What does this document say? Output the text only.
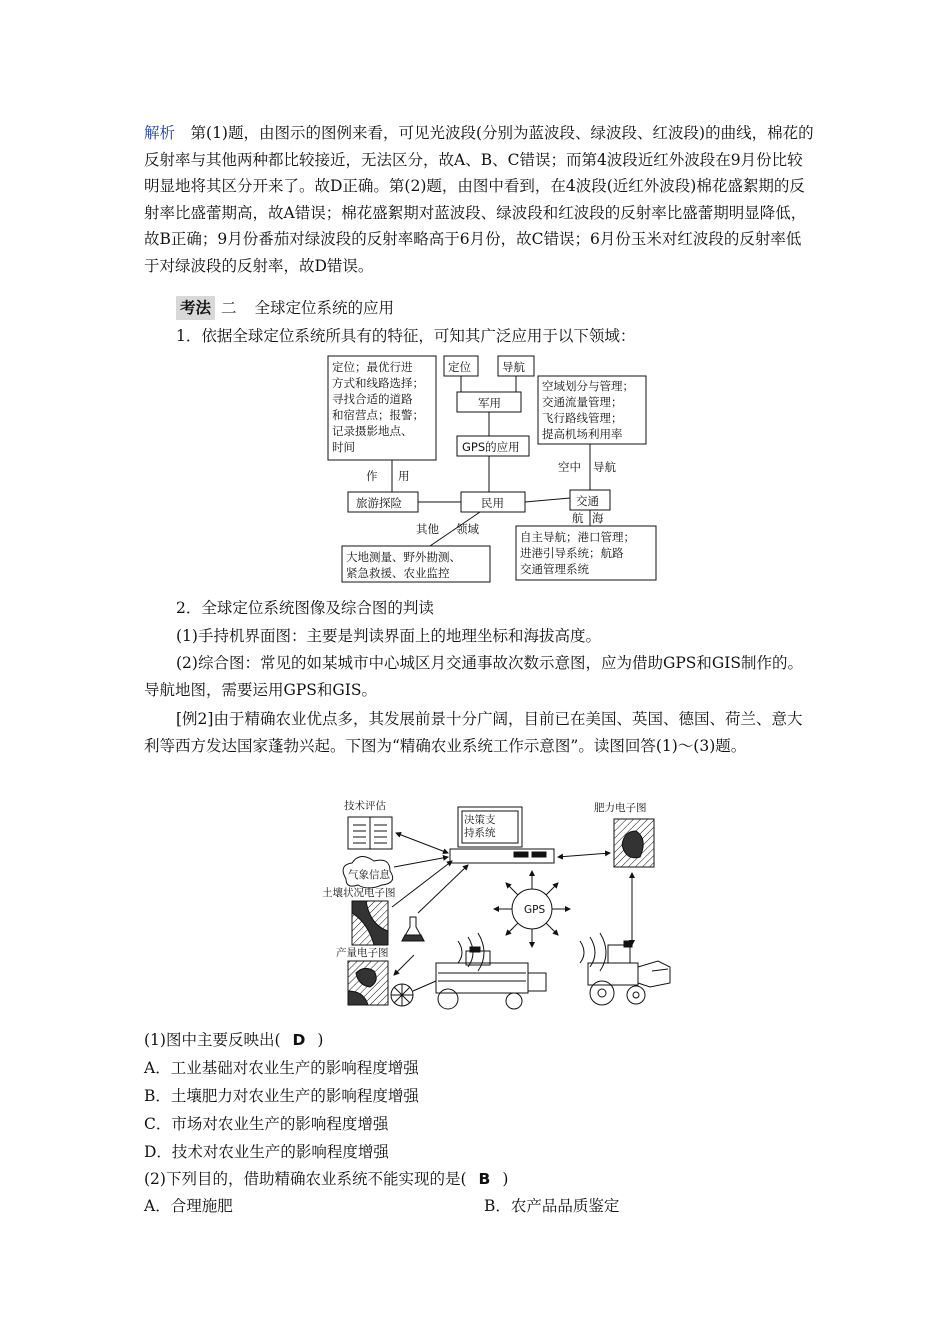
解析　第(1)题，由图示的图例来看，可见光波段(分别为蓝波段、绿波段、红波段)的曲线，棉花的反射率与其他两种都比较接近，无法区分，故A、B、C错误；而第4波段近红外波段在9月份比较明显地将其区分开来了。故D正确。第(2)题，由图中看到，在4波段(近红外波段)棉花盛絮期的反射率比盛蕾期高，故A错误；棉花盛絮期对蓝波段、绿波段和红波段的反射率比盛蕾期明显降低，故B正确；9月份番茄对绿波段的反射率略高于6月份，故C错误；6月份玉米对红波段的反射率低于对绿波段的反射率，故D错误。

考法 二 全球定位系统的应用
1．依据全球定位系统所具有的特征，可知其广泛应用于以下领域：
定位；最优行进
方式和线路选择；
寻找合适的道路
和宿营点；报警；
记录摄影地点、
时间
定位	导航
军用
空域划分与管理；
交通流量管理；
飞行路线管理；
提高机场利用率
GPS的应用
作 用
空中 导航
旅游探险	民用	交通
航 海
其他 领域
自主导航；港口管理；
进港引导系统；航路
交通管理系统
大地测量、野外勘测、
紧急救援、农业监控
2．全球定位系统图像及综合图的判读
(1)手持机界面图：主要是判读界面上的地理坐标和海拔高度。

(2)综合图：常见的如某城市中心城区月交通事故次数示意图，应为借助GPS和GIS制作的。导航地图，需要运用GPS和GIS。

[例2]由于精确农业优点多，其发展前景十分广阔，目前已在美国、英国、德国、荷兰、意大利等西方发达国家蓬勃兴起。下图为“精确农业系统工作示意图”。读图回答(1)～(3)题。

技术评估	肥力电子图
决策支
持系统
气象信息
土壤状况电子图
GPS
产量电子图
(1)图中主要反映出( D )
A．工业基础对农业生产的影响程度增强
B．土壤肥力对农业生产的影响程度增强
C．市场对农业生产的影响程度增强
D．技术对农业生产的影响程度增强
(2)下列目的，借助精确农业系统不能实现的是( B )
A．合理施肥	B．农产品品质鉴定
